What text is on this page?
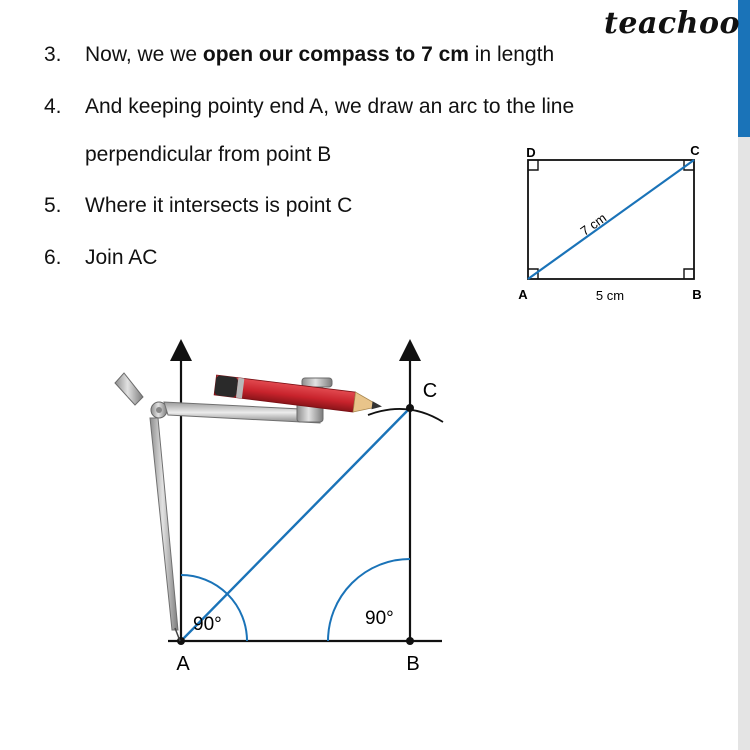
teachoo
3. Now, we we open our compass to 7 cm in length
4. And keeping pointy end A, we draw an arc to the line
perpendicular from point B
5. Where it intersects is point C
6. Join AC
D	C
A	B
5 cm
7 cm
A	B
C
90°	90°
